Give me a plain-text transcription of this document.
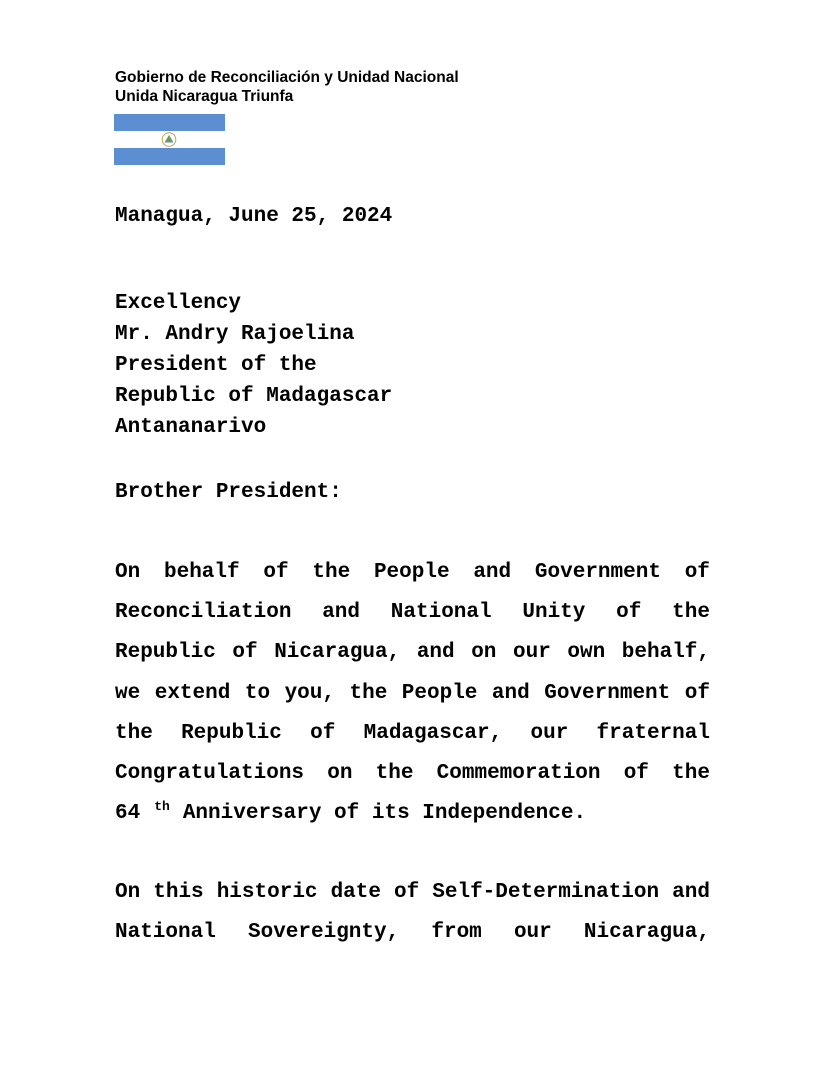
Gobierno de Reconciliación y Unidad Nacional
Unida Nicaragua Triunfa
Managua, June 25, 2024
Excellency
Mr. Andry Rajoelina
President of the
Republic of Madagascar
Antananarivo
Brother President:
On behalf of the People and Government of
Reconciliation and National Unity of the
Republic of Nicaragua, and on our own behalf,
we extend to you, the People and Government of
the Republic of Madagascar, our fraternal
Congratulations on the Commemoration of the
64 $^{th}$ Anniversary of its Independence.
On this historic date of Self-Determination and
National Sovereignty, from our Nicaragua,
